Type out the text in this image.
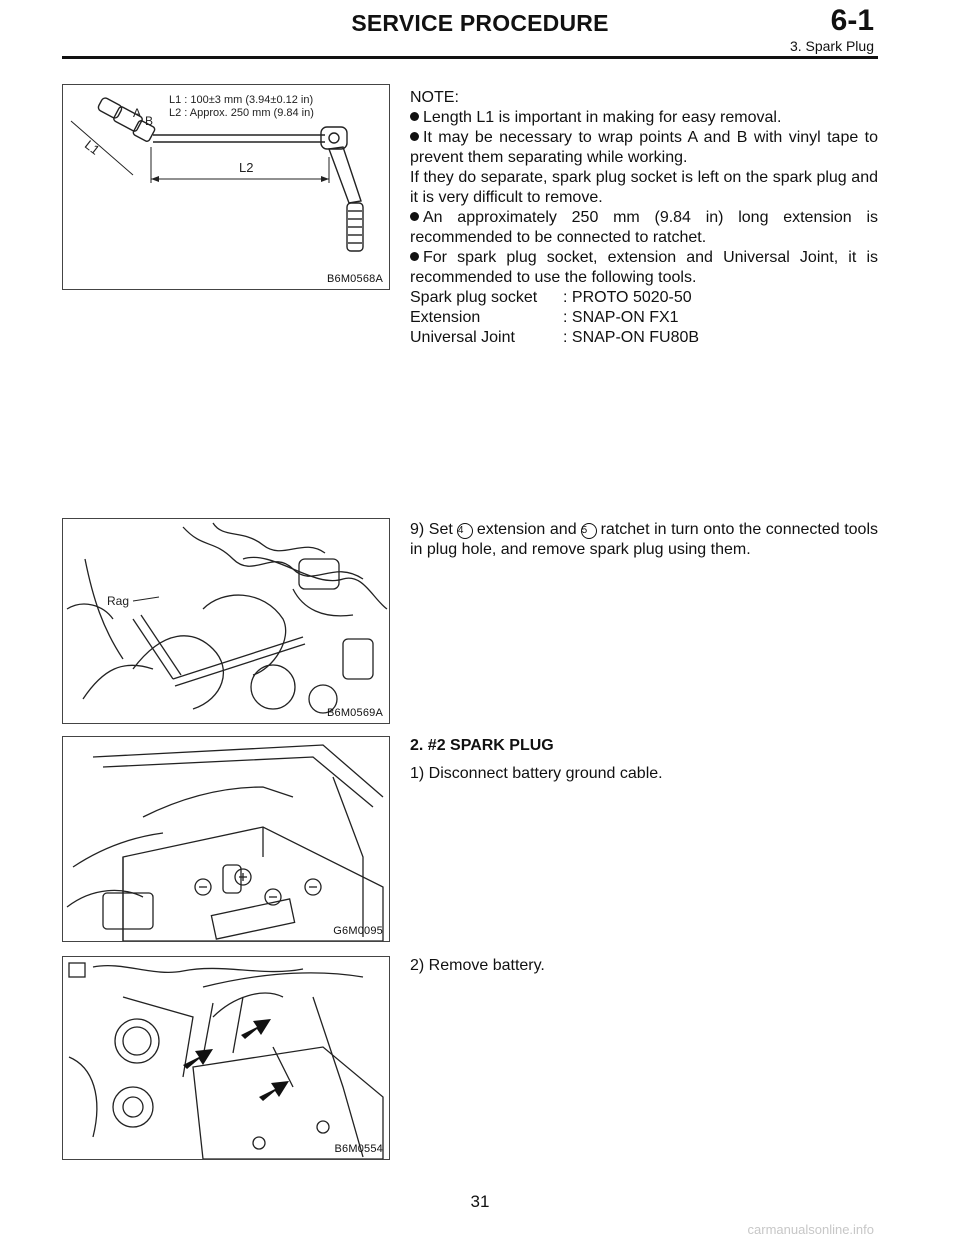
SERVICE PROCEDURE	6-1
3. Spark Plug
L1 : 100±3 mm (3.94±0.12 in)
L2 : Approx. 250 mm (9.84 in)
A
B
L1
L2
B6M0568A

NOTE:

Length L1 is important in making for easy removal.

It may be necessary to wrap points A and B with vinyl tape to prevent them separating while working.

If they do separate, spark plug socket is left on the spark plug and it is very difficult to remove.

An approximately 250 mm (9.84 in) long extension is recommended to be connected to ratchet.

For spark plug socket, extension and Universal Joint, it is recommended to use the following tools.

Spark plug socket	: PROTO 5020-50
Extension	: SNAP-ON FX1
Universal Joint	: SNAP-ON FU80B
Rag
B6M0569A
9) Set 4 extension and 5 ratchet in turn onto the connected tools in plug hole, and remove spark plug using them.
G6M0095

2. #2 SPARK PLUG

1) Disconnect battery ground cable.

B6M0554
2) Remove battery.
31
carmanualsonline.info
